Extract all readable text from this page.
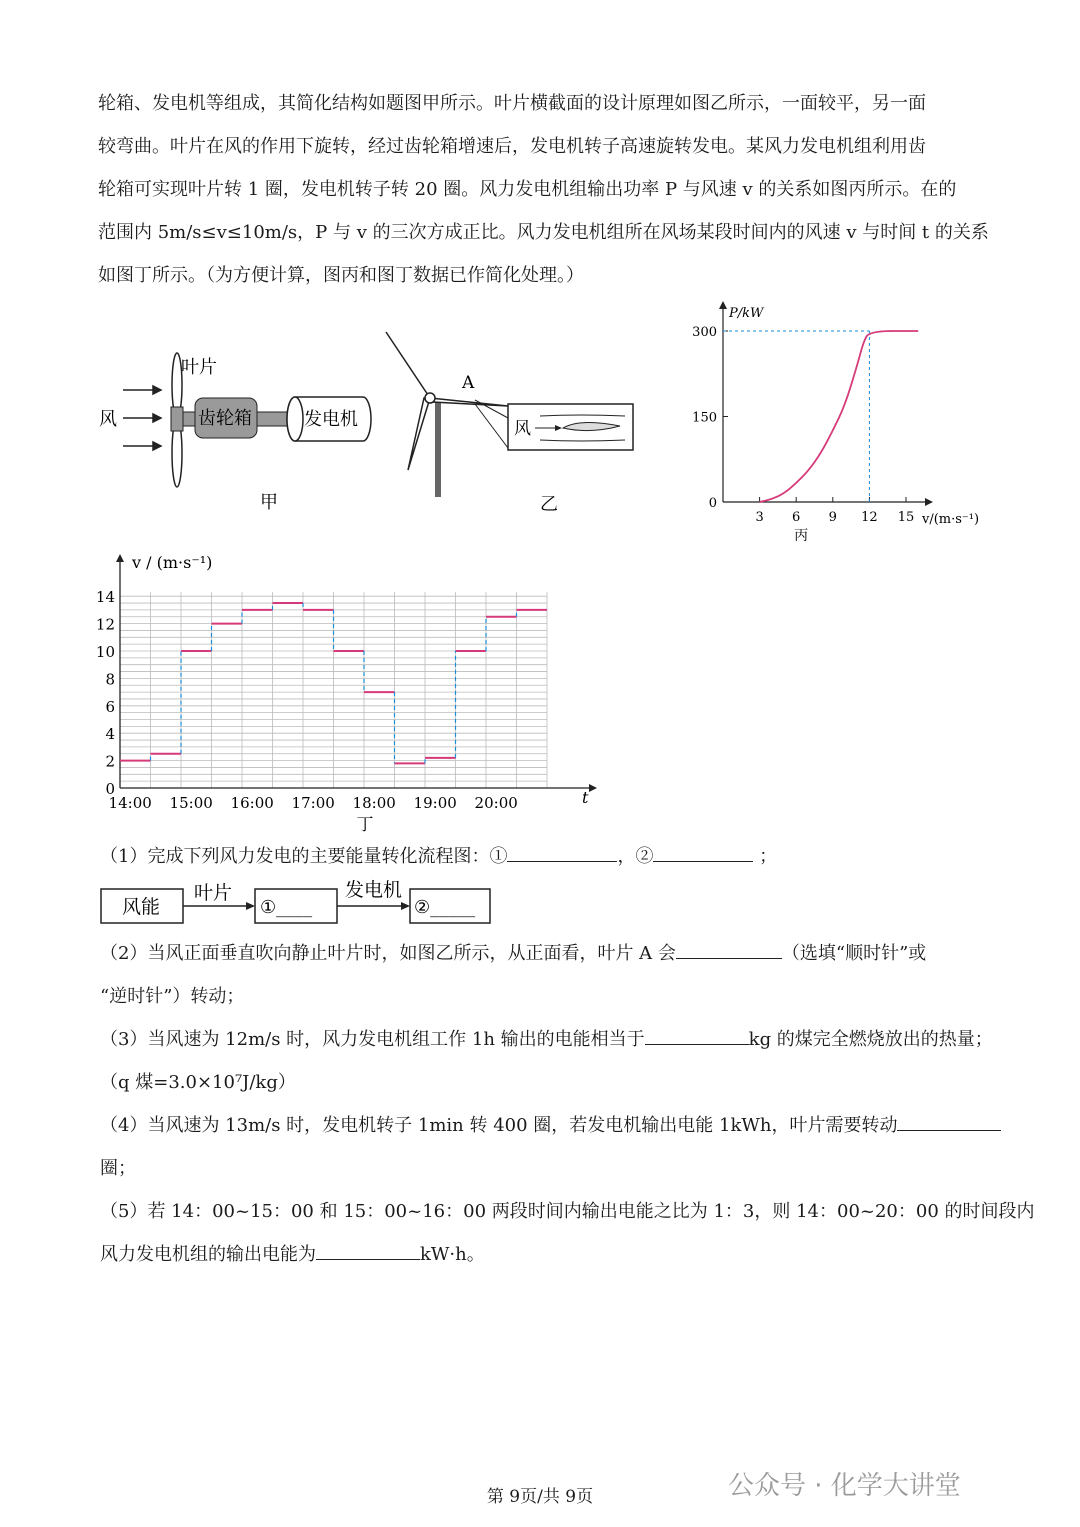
轮箱、发电机等组成，其简化结构如题图甲所示。叶片横截面的设计原理如图乙所示，一面较平，另一面

较弯曲。叶片在风的作用下旋转，经过齿轮箱增速后，发电机转子高速旋转发电。某风力发电机组利用齿

轮箱可实现叶片转 1 圈，发电机转子转 20 圈。风力发电机组输出功率 P 与风速 v 的关系如图丙所示。在的

范围内 5m/s≤v≤10m/s，P 与 v 的三次方成正比。风力发电机组所在风场某段时间内的风速 v 与时间 t 的关系

如图丁所示。（为方便计算，图丙和图丁数据已作简化处理。）

风	齿轮箱	发电机
叶片
甲
A
风
乙
3 6 9 12 15
0
150
300
P/kW
v/(m·s⁻¹)
丙
0
2
4
6
8
10
12
14
14:00 15:00 16:00 17:00 18:00 19:00 20:00
v / (m·s⁻¹)
t
丁

（1）完成下列风力发电的主要能量转化流程图：①	，②	；

风能
叶片
①____
发电机
②_____

（2）当风正面垂直吹向静止叶片时，如图乙所示，从正面看，叶片 A 会	（选填“顺时针”或

“逆时针”）转动；

（3）当风速为 12m/s 时，风力发电机组工作 1h 输出的电能相当于	kg 的煤完全燃烧放出的热量；

（q 煤=3.0×10⁷J/kg）

（4）当风速为 13m/s 时，发电机转子 1min 转 400 圈，若发电机输出电能 1kWh，叶片需要转动

圈；

（5）若 14：00~15：00 和 15：00~16：00 两段时间内输出电能之比为 1：3，则 14：00~20：00 的时间段内

风力发电机组的输出电能为	kW·h。

第 9页/共 9页	公众号 · 化学大讲堂
